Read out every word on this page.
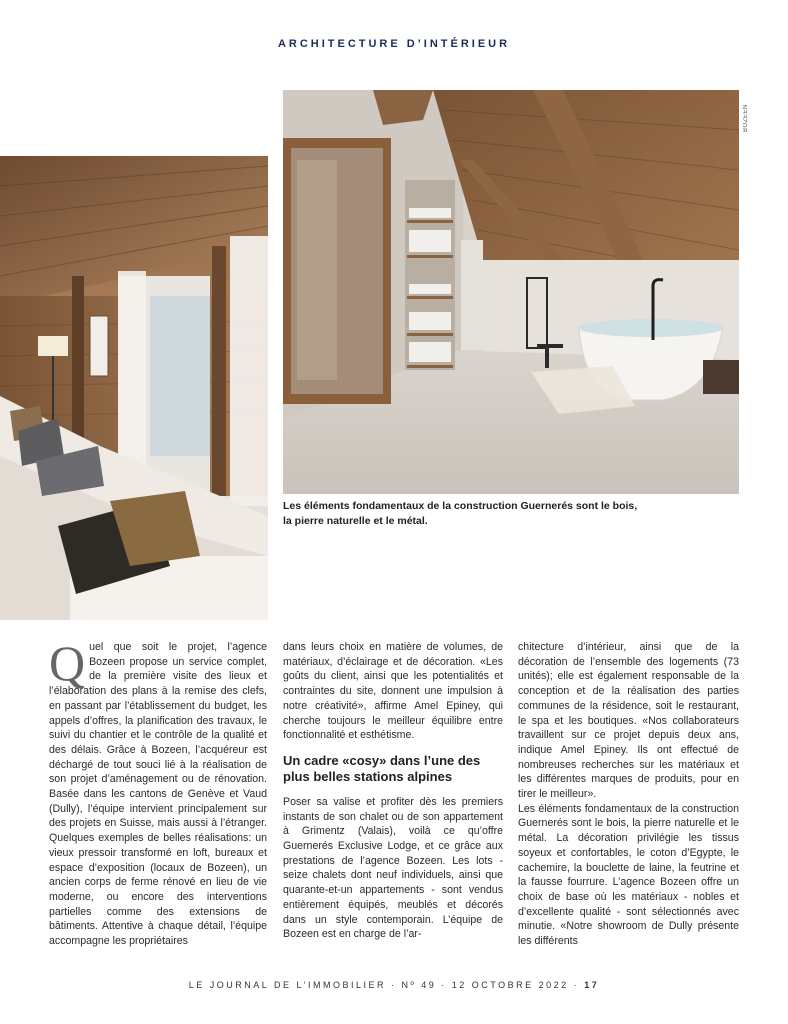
ARCHITECTURE D’INTÉRIEUR
BOZEEN
Les éléments fondamentaux de la construction Guernerés sont le bois,
la pierre naturelle et le métal.
Q uel que soit le projet, l’agence Bozeen propose un service complet, de la première visite des lieux et l’élaboration des plans à la remise des clefs, en passant par l’établissement du budget, les appels d’offres, la planification des travaux, le suivi du chantier et le contrôle de la qualité et des délais. Grâce à Bozeen, l’acquéreur est déchargé de tout souci lié à la réalisation de son projet d’aménagement ou de rénovation. Basée dans les cantons de Genève et Vaud (Dully), l’équipe intervient principalement sur des projets en Suisse, mais aussi à l’étranger. Quelques exemples de belles réalisations: un vieux pressoir transformé en loft, bureaux et espace d’exposition (locaux de Bozeen), un ancien corps de ferme rénové en lieu de vie moderne, ou encore des interventions partielles comme des extensions de bâtiments. Attentive à chaque détail, l’équipe accompagne les propriétaires

dans leurs choix en matière de volumes, de matériaux, d’éclairage et de décoration. «Les goûts du client, ainsi que les potentialités et contraintes du site, donnent une impulsion à notre créativité», affirme Amel Epiney, qui cherche toujours le meilleur équilibre entre fonctionnalité et esthétisme.

Un cadre «cosy» dans l’une des plus belles stations alpines

Poser sa valise et profiter dès les premiers instants de son chalet ou de son appartement à Grimentz (Valais), voilà ce qu’offre Guernerés Exclusive Lodge, et ce grâce aux prestations de l’agence Bozeen. Les lots - seize chalets dont neuf individuels, ainsi que quarante-et-un appartements - sont vendus entièrement équipés, meublés et décorés dans un style contemporain. L’équipe de Bozeen est en charge de l’ar-

chitecture d’intérieur, ainsi que de la décoration de l’ensemble des logements (73 unités); elle est également responsable de la conception et de la réalisation des parties communes de la résidence, soit le restaurant, le spa et les boutiques. «Nos collaborateurs travaillent sur ce projet depuis deux ans, indique Amel Epiney. Ils ont effectué de nombreuses recherches sur les matériaux et les différentes marques de produits, pour en tirer le meilleur».

Les éléments fondamentaux de la construction Guernerés sont le bois, la pierre naturelle et le métal. La décoration privilégie les tissus soyeux et confortables, le coton d’Egypte, le cachemire, la bouclette de laine, la feutrine et la fausse fourrure. L’agence Bozeen offre un choix de base où les matériaux - nobles et d’excellente qualité - sont sélectionnés avec minutie. «Notre showroom de Dully présente les différents

LE JOURNAL DE L’IMMOBILIER · Nº 49 · 12 OCTOBRE 2022 · 17
